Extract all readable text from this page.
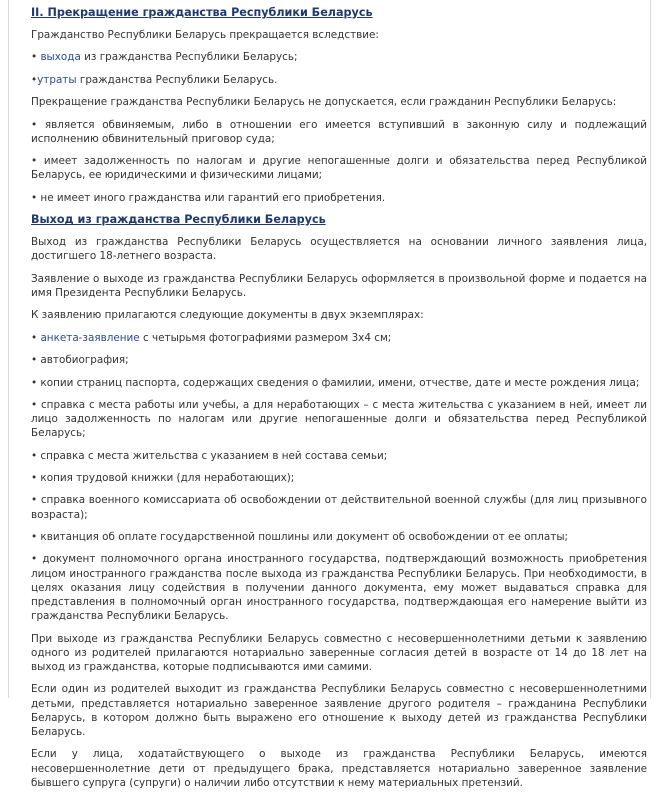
II. Прекращение гражданства Республики Беларусь

Гражданство Республики Беларусь прекращается вследствие:

• выхода из гражданства Республики Беларусь;

•утраты гражданства Республики Беларусь.

Прекращение гражданства Республики Беларусь не допускается, если гражданин Республики Беларусь:

• является обвиняемым, либо в отношении его имеется вступивший в законную силу и подлежащий исполнению обвинительный приговор суда;

• имеет задолженность по налогам и другие непогашенные долги и обязательства перед Республикой Беларусь, ее юридическими и физическими лицами;

• не имеет иного гражданства или гарантий его приобретения.

Выход из гражданства Республики Беларусь

Выход из гражданства Республики Беларусь осуществляется на основании личного заявления лица, достигшего 18-летнего возраста.

Заявление о выходе из гражданства Республики Беларусь оформляется в произвольной форме и подается на имя Президента Республики Беларусь.

К заявлению прилагаются следующие документы в двух экземплярах:

• анкета-заявление с четырьмя фотографиями размером 3х4 см;

• автобиография;

• копии страниц паспорта, содержащих сведения о фамилии, имени, отчестве, дате и месте рождения лица;

• справка с места работы или учебы, а для неработающих – с места жительства с указанием в ней, имеет ли лицо задолженность по налогам или другие непогашенные долги и обязательства перед Республикой Беларусь;

• справка с места жительства с указанием в ней состава семьи;

• копия трудовой книжки (для неработающих);

• справка военного комиссариата об освобождении от действительной военной службы (для лиц призывного возраста);

• квитанция об оплате государственной пошлины или документ об освобождении от ее оплаты;

• документ полномочного органа иностранного государства, подтверждающий возможность приобретения лицом иностранного гражданства после выхода из гражданства Республики Беларусь. При необходимости, в целях оказания лицу содействия в получении данного документа, ему может выдаваться справка для представления в полномочный орган иностранного государства, подтверждающая его намерение выйти из гражданства Республики Беларусь.

При выходе из гражданства Республики Беларусь совместно с несовершеннолетними детьми к заявлению одного из родителей прилагаются нотариально заверенные согласия детей в возрасте от 14 до 18 лет на выход из гражданства, которые подписываются ими самими.

Если один из родителей выходит из гражданства Республики Беларусь совместно с несовершеннолетними детьми, представляется нотариально заверенное заявление другого родителя – гражданина Республики Беларусь, в котором должно быть выражено его отношение к выходу детей из гражданства Республики Беларусь.

Если у лица, ходатайствующего о выходе из гражданства Республики Беларусь, имеются несовершеннолетние дети от предыдущего брака, представляется нотариально заверенное заявление бывшего супруга (супруги) о наличии либо отсутствии к нему материальных претензий.
